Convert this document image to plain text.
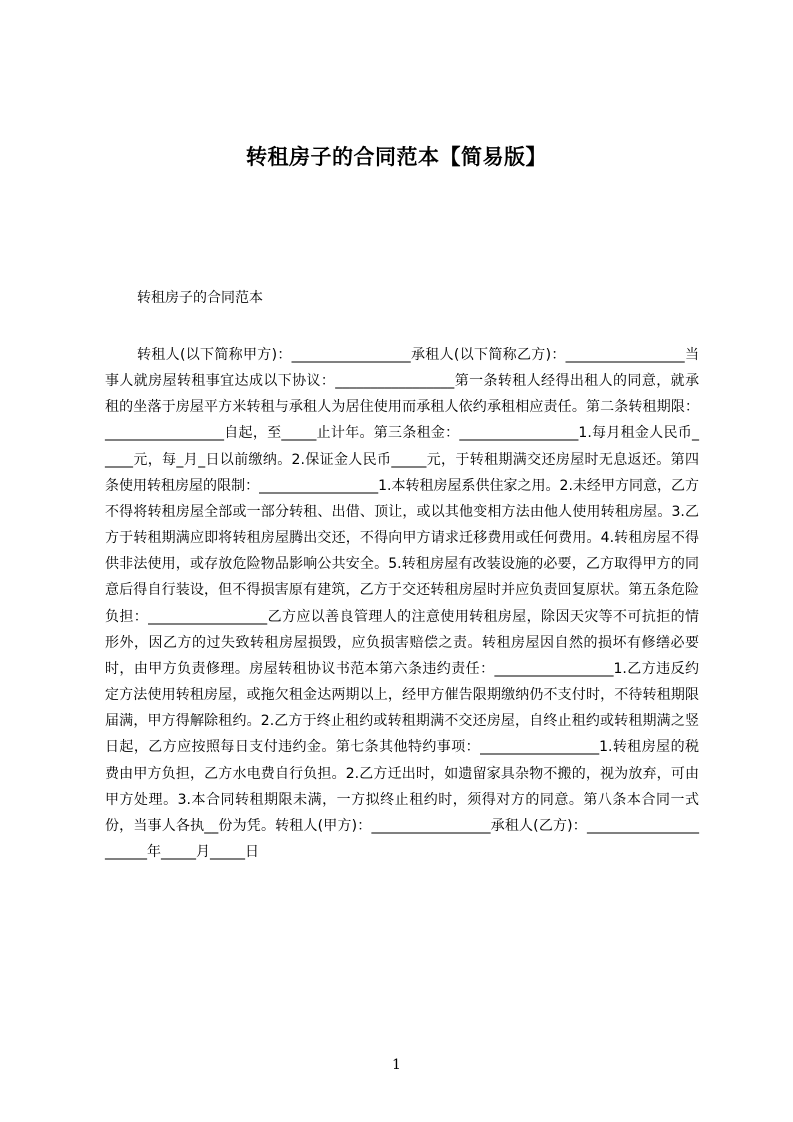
转租房子的合同范本【简易版】

转租房子的合同范本

转租人(以下简称甲方)：_________________承租人(以下简称乙方)：_________________当事人就房屋转租事宜达成以下协议：_________________第一条转租人经得出租人的同意，就承租的坐落于房屋平方米转租与承租人为居住使用而承租人依约承租相应责任。第二条转租期限：_________________自起，至_____止计年。第三条租金：_________________1.每月租金人民币_____元，每_月_日以前缴纳。2.保证金人民币_____元，于转租期满交还房屋时无息返还。第四条使用转租房屋的限制：_________________1.本转租房屋系供住家之用。2.未经甲方同意，乙方不得将转租房屋全部或一部分转租、出借、顶让，或以其他变相方法由他人使用转租房屋。3.乙方于转租期满应即将转租房屋腾出交还，不得向甲方请求迁移费用或任何费用。4.转租房屋不得供非法使用，或存放危险物品影响公共安全。5.转租房屋有改装设施的必要，乙方取得甲方的同意后得自行装设，但不得损害原有建筑，乙方于交还转租房屋时并应负责回复原状。第五条危险负担：_________________乙方应以善良管理人的注意使用转租房屋，除因天灾等不可抗拒的情形外，因乙方的过失致转租房屋损毁，应负损害赔偿之责。转租房屋因自然的损坏有修缮必要时，由甲方负责修理。房屋转租协议书范本第六条违约责任：_________________1.乙方违反约定方法使用转租房屋，或拖欠租金达两期以上，经甲方催告限期缴纳仍不支付时，不待转租期限届满，甲方得解除租约。2.乙方于终止租约或转租期满不交还房屋，自终止租约或转租期满之竖日起，乙方应按照每日支付违约金。第七条其他特约事项：_________________1.转租房屋的税费由甲方负担，乙方水电费自行负担。2.乙方迁出时，如遗留家具杂物不搬的，视为放弃，可由甲方处理。3.本合同转租期限未满，一方拟终止租约时，须得对方的同意。第八条本合同一式份，当事人各执__份为凭。转租人(甲方)：_________________承租人(乙方)：______________________年_____月_____日

1
